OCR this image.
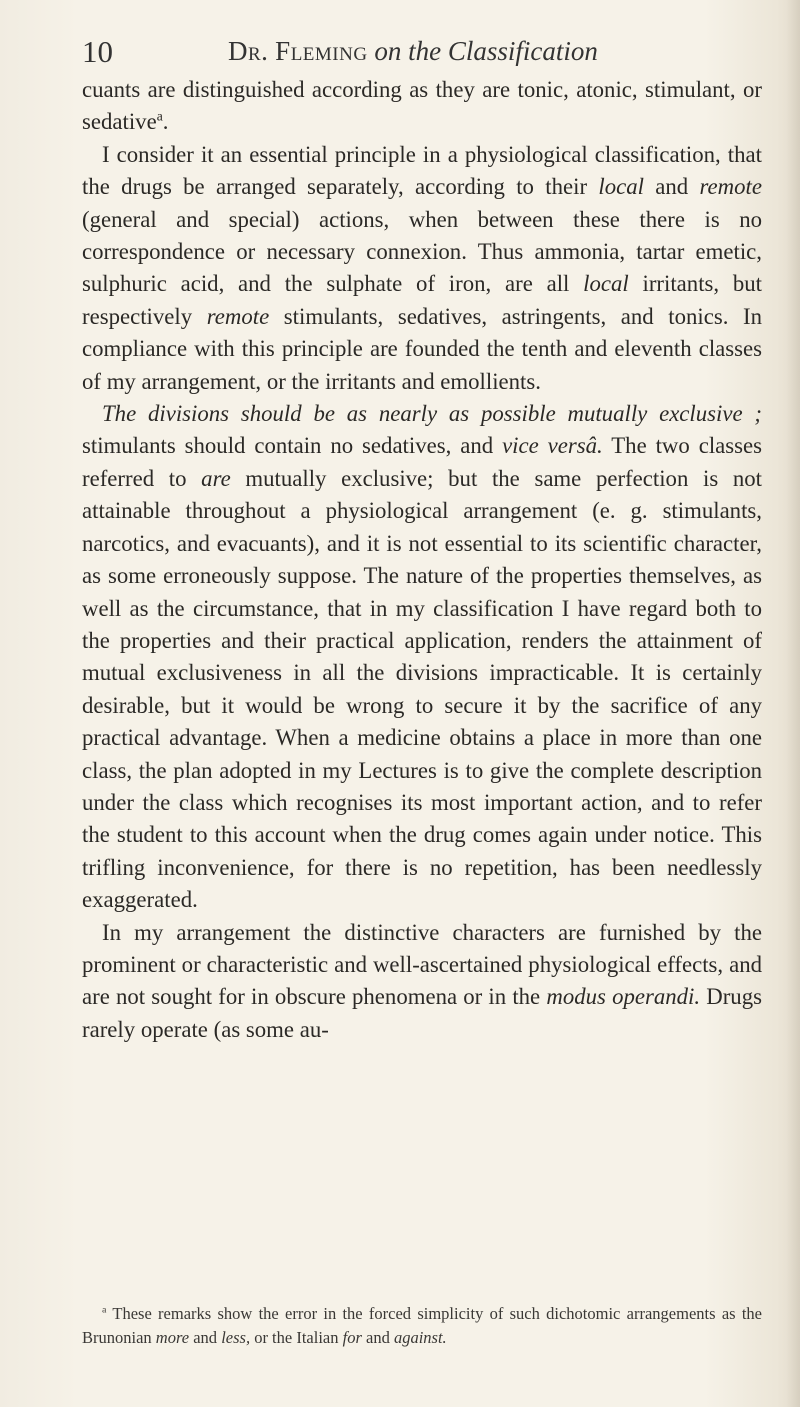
10	Dr. Fleming on the Classification

cuants are distinguished according as they are tonic, atonic, stimulant, or sedative$^a$.

I consider it an essential principle in a physiological classification, that the drugs be arranged separately, according to their local and remote (general and special) actions, when between these there is no correspondence or necessary connexion. Thus ammonia, tartar emetic, sulphuric acid, and the sulphate of iron, are all local irritants, but respectively remote stimulants, sedatives, astringents, and tonics. In compliance with this principle are founded the tenth and eleventh classes of my arrangement, or the irritants and emollients.

The divisions should be as nearly as possible mutually exclusive ; stimulants should contain no sedatives, and vice versâ. The two classes referred to are mutually exclusive; but the same perfection is not attainable throughout a physiological arrangement (e. g. stimulants, narcotics, and evacuants), and it is not essential to its scientific character, as some erroneously suppose. The nature of the properties themselves, as well as the circumstance, that in my classification I have regard both to the properties and their practical application, renders the attainment of mutual exclusiveness in all the divisions impracticable. It is certainly desirable, but it would be wrong to secure it by the sacrifice of any practical advantage. When a medicine obtains a place in more than one class, the plan adopted in my Lectures is to give the complete description under the class which recognises its most important action, and to refer the student to this account when the drug comes again under notice. This trifling inconvenience, for there is no repetition, has been needlessly exaggerated.

In my arrangement the distinctive characters are furnished by the prominent or characteristic and well-ascertained physiological effects, and are not sought for in obscure phenomena or in the modus operandi. Drugs rarely operate (as some au-

$^a$ These remarks show the error in the forced simplicity of such dichotomic arrangements as the Brunonian more and less, or the Italian for and against.
